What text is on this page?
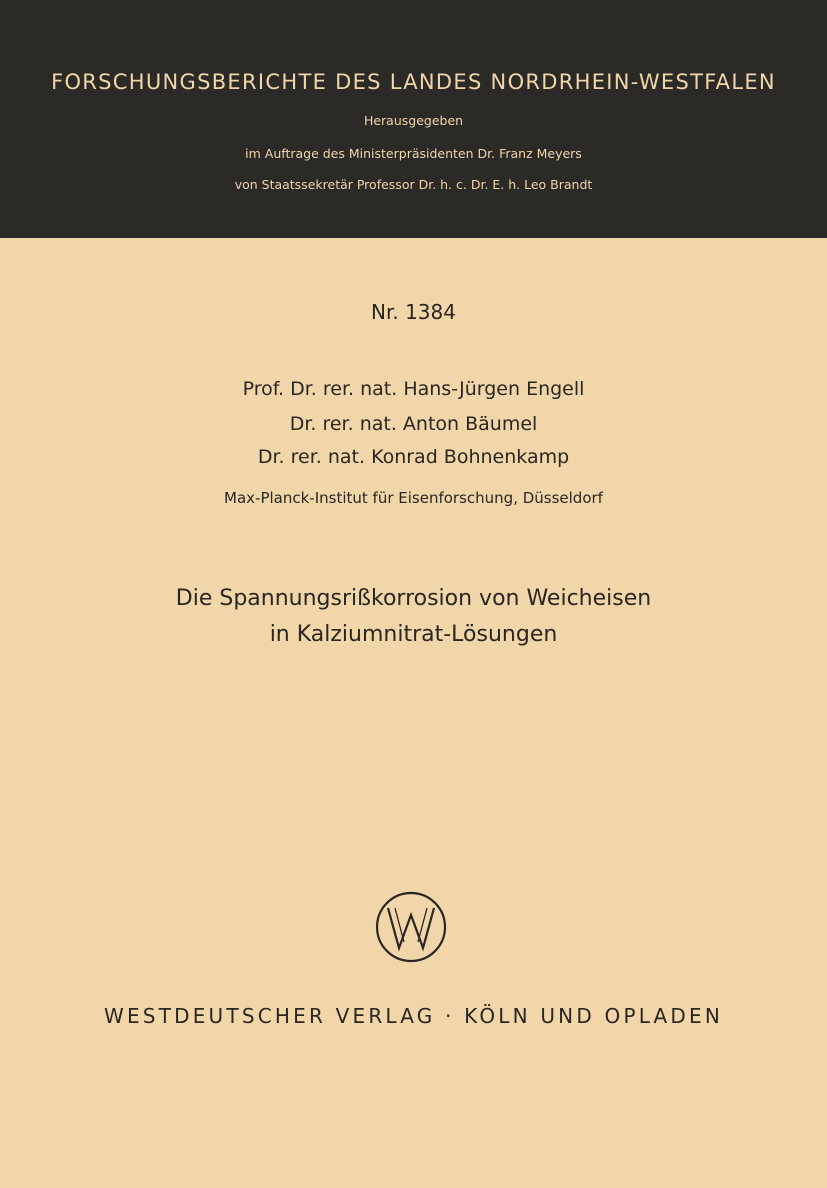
FORSCHUNGSBERICHTE DES LANDES NORDRHEIN-WESTFALEN
Herausgegeben
im Auftrage des Ministerpräsidenten Dr. Franz Meyers
von Staatssekretär Professor Dr. h. c. Dr. E. h. Leo Brandt
Nr. 1384
Prof. Dr. rer. nat. Hans-Jürgen Engell
Dr. rer. nat. Anton Bäumel
Dr. rer. nat. Konrad Bohnenkamp
Max-Planck-Institut für Eisenforschung, Düsseldorf
Die Spannungsrißkorrosion von Weicheisen
in Kalziumnitrat-Lösungen
WESTDEUTSCHER VERLAG · KÖLN UND OPLADEN
